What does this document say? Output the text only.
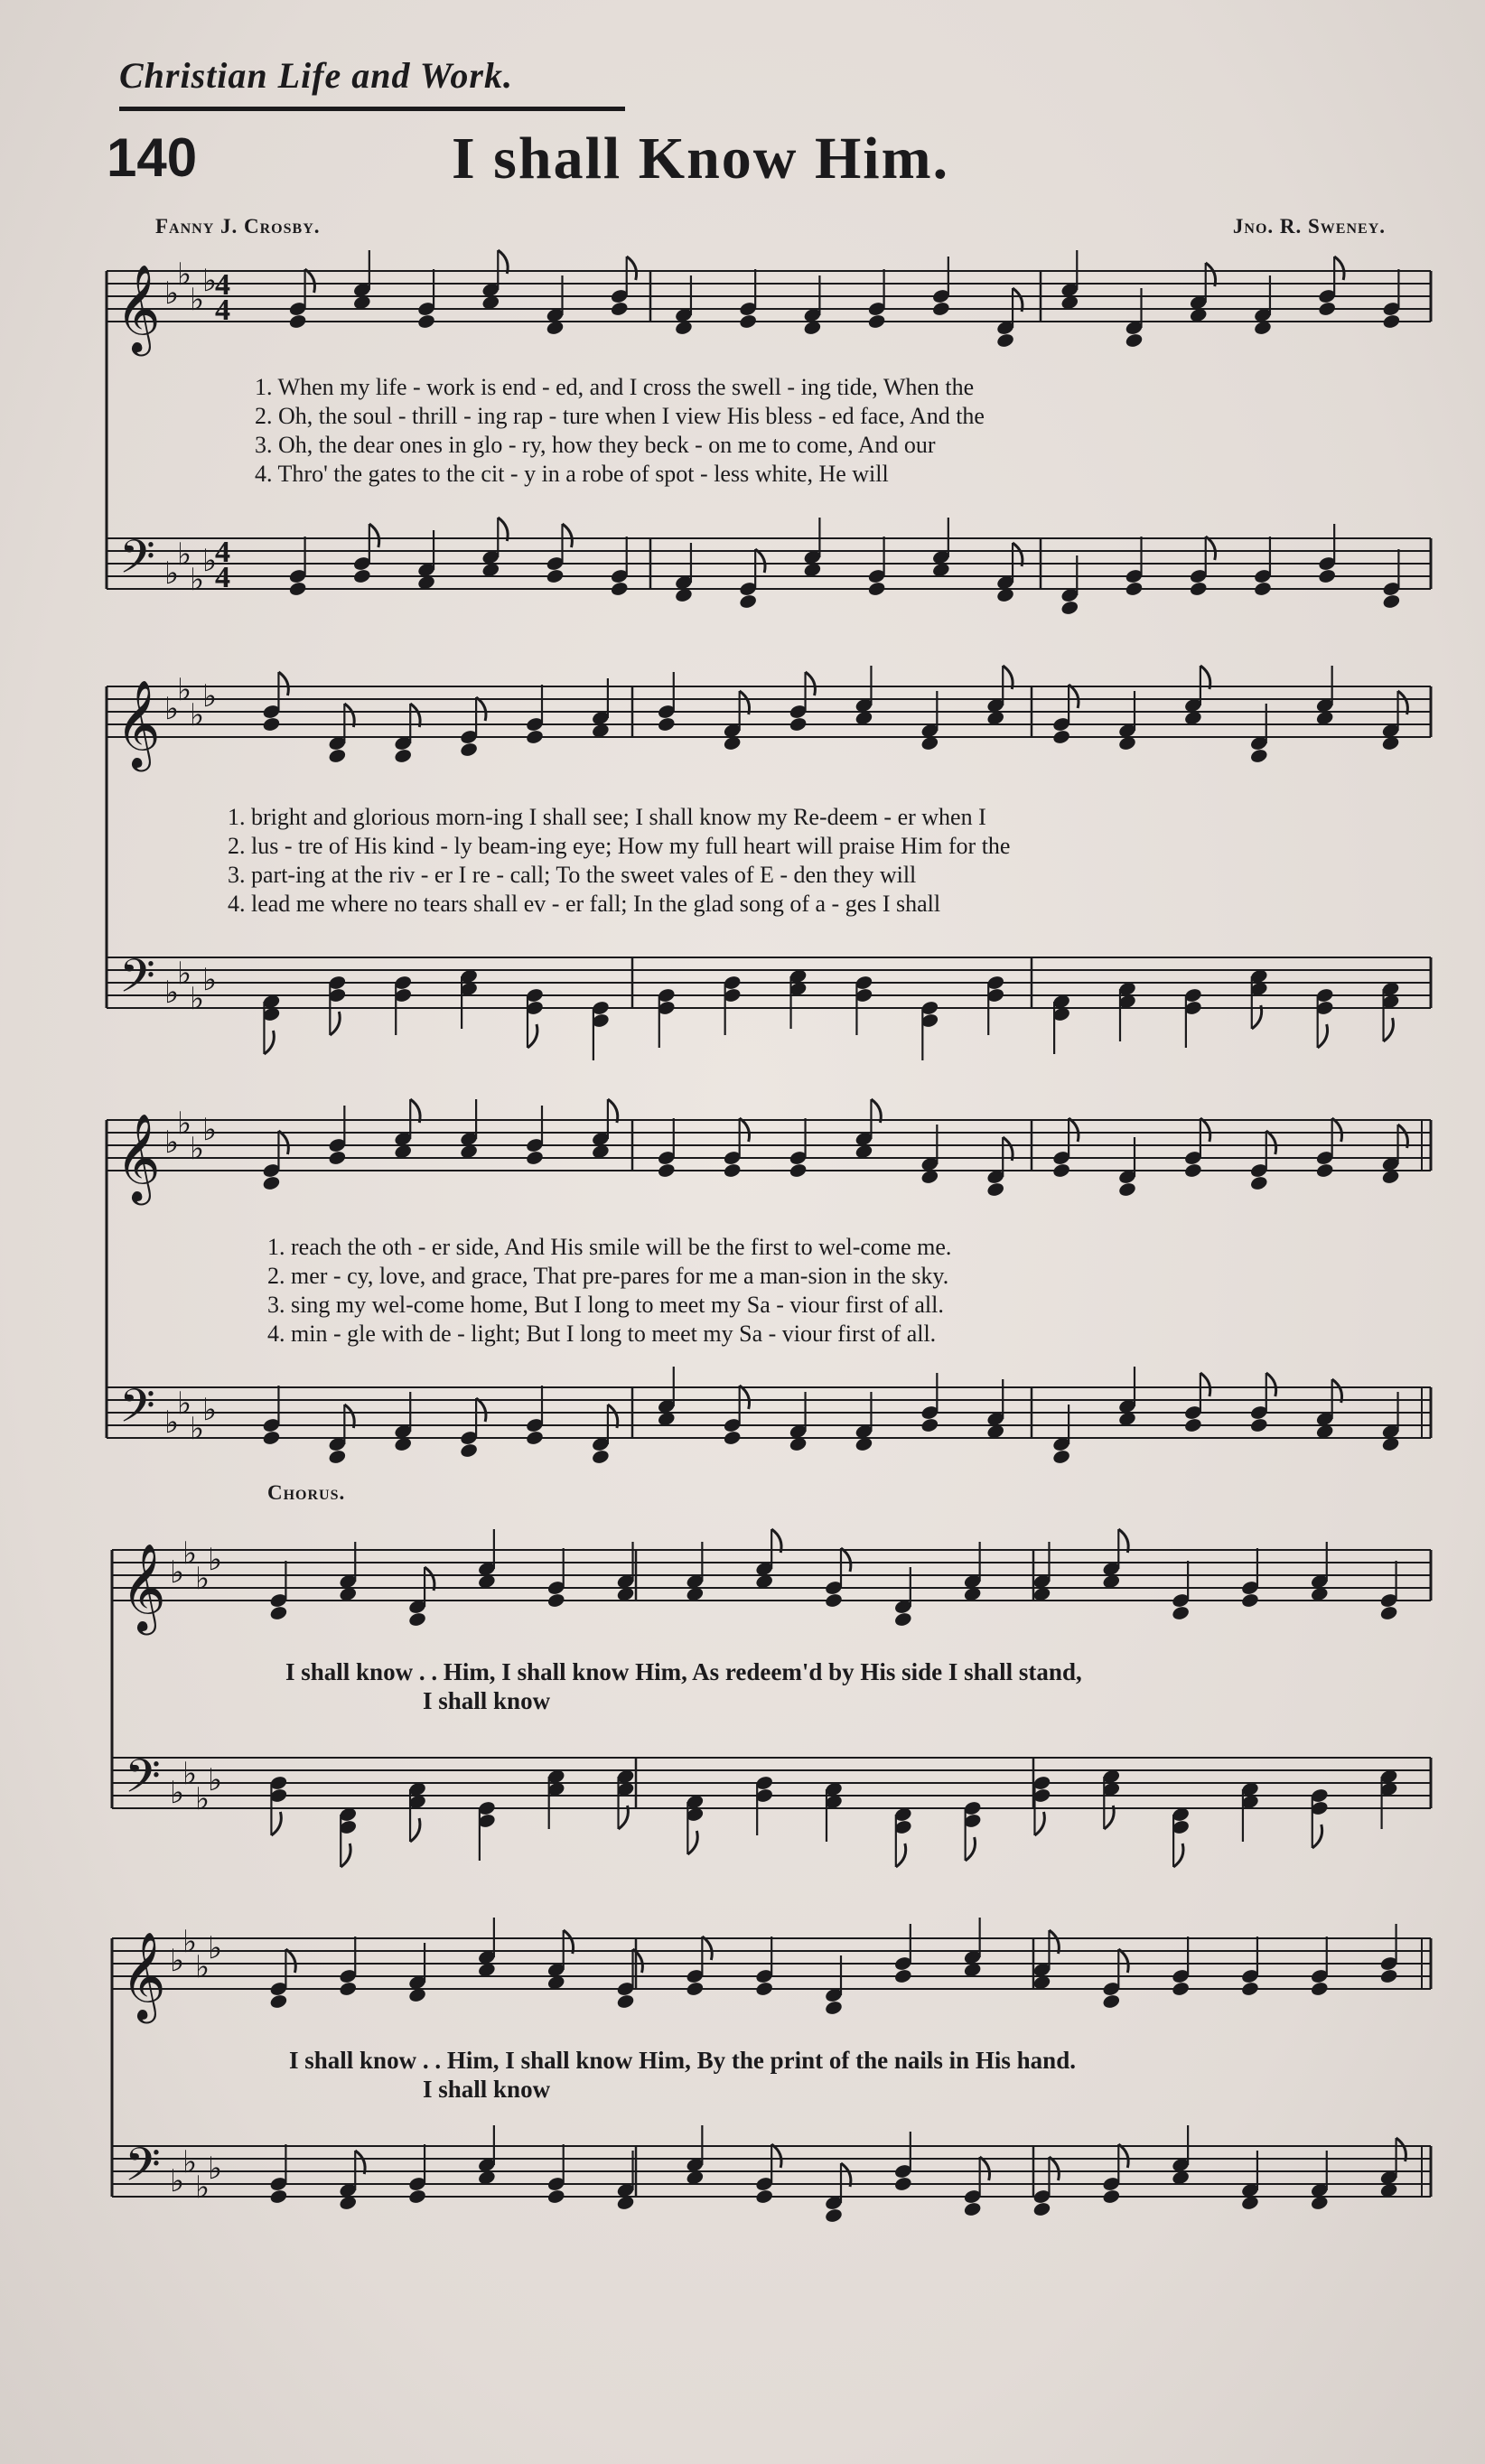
Christian Life and Work.
140	I shall Know Him.
Fanny J. Crosby.	Jno. R. Sweney.
𝄞
𝄢
♭
♭
♭
♭
♭
♭
♭
♭
4
4
4
4
𝄞
𝄢
♭
♭
♭
♭
♭
♭
♭
♭
𝄞
𝄢
♭
♭
♭
♭
♭
♭
♭
♭
𝄞
𝄢
♭
♭
♭
♭
♭
♭
♭
♭
𝄞
𝄢
♭
♭
♭
♭
♭
♭
♭
♭
1. When my life - work is end - ed, and I cross the swell - ing tide, When the
2. Oh, the soul - thrill - ing rap - ture when I view His bless - ed face, And the
3. Oh, the dear ones in glo - ry, how they beck - on me to come, And our
4. Thro' the gates to the cit - y in a robe of spot - less white, He will
1. bright and glorious morn-ing I shall see; I shall know my Re-deem - er when I
2. lus - tre of His kind - ly beam-ing eye; How my full heart will praise Him for the
3. part-ing at the riv - er I re - call; To the sweet vales of E - den they will
4. lead me where no tears shall ev - er fall; In the glad song of a - ges I shall
1. reach the oth - er side, And His smile will be the first to wel-come me.
2. mer - cy, love, and grace, That pre-pares for me a man-sion in the sky.
3. sing my wel-come home, But I long to meet my Sa - viour first of all.
4. min - gle with de - light; But I long to meet my Sa - viour first of all.
Chorus.
I shall know . . Him, I shall know Him, As redeem'd by His side I shall stand,
I shall know
I shall know . . Him, I shall know Him, By the print of the nails in His hand.
I shall know
